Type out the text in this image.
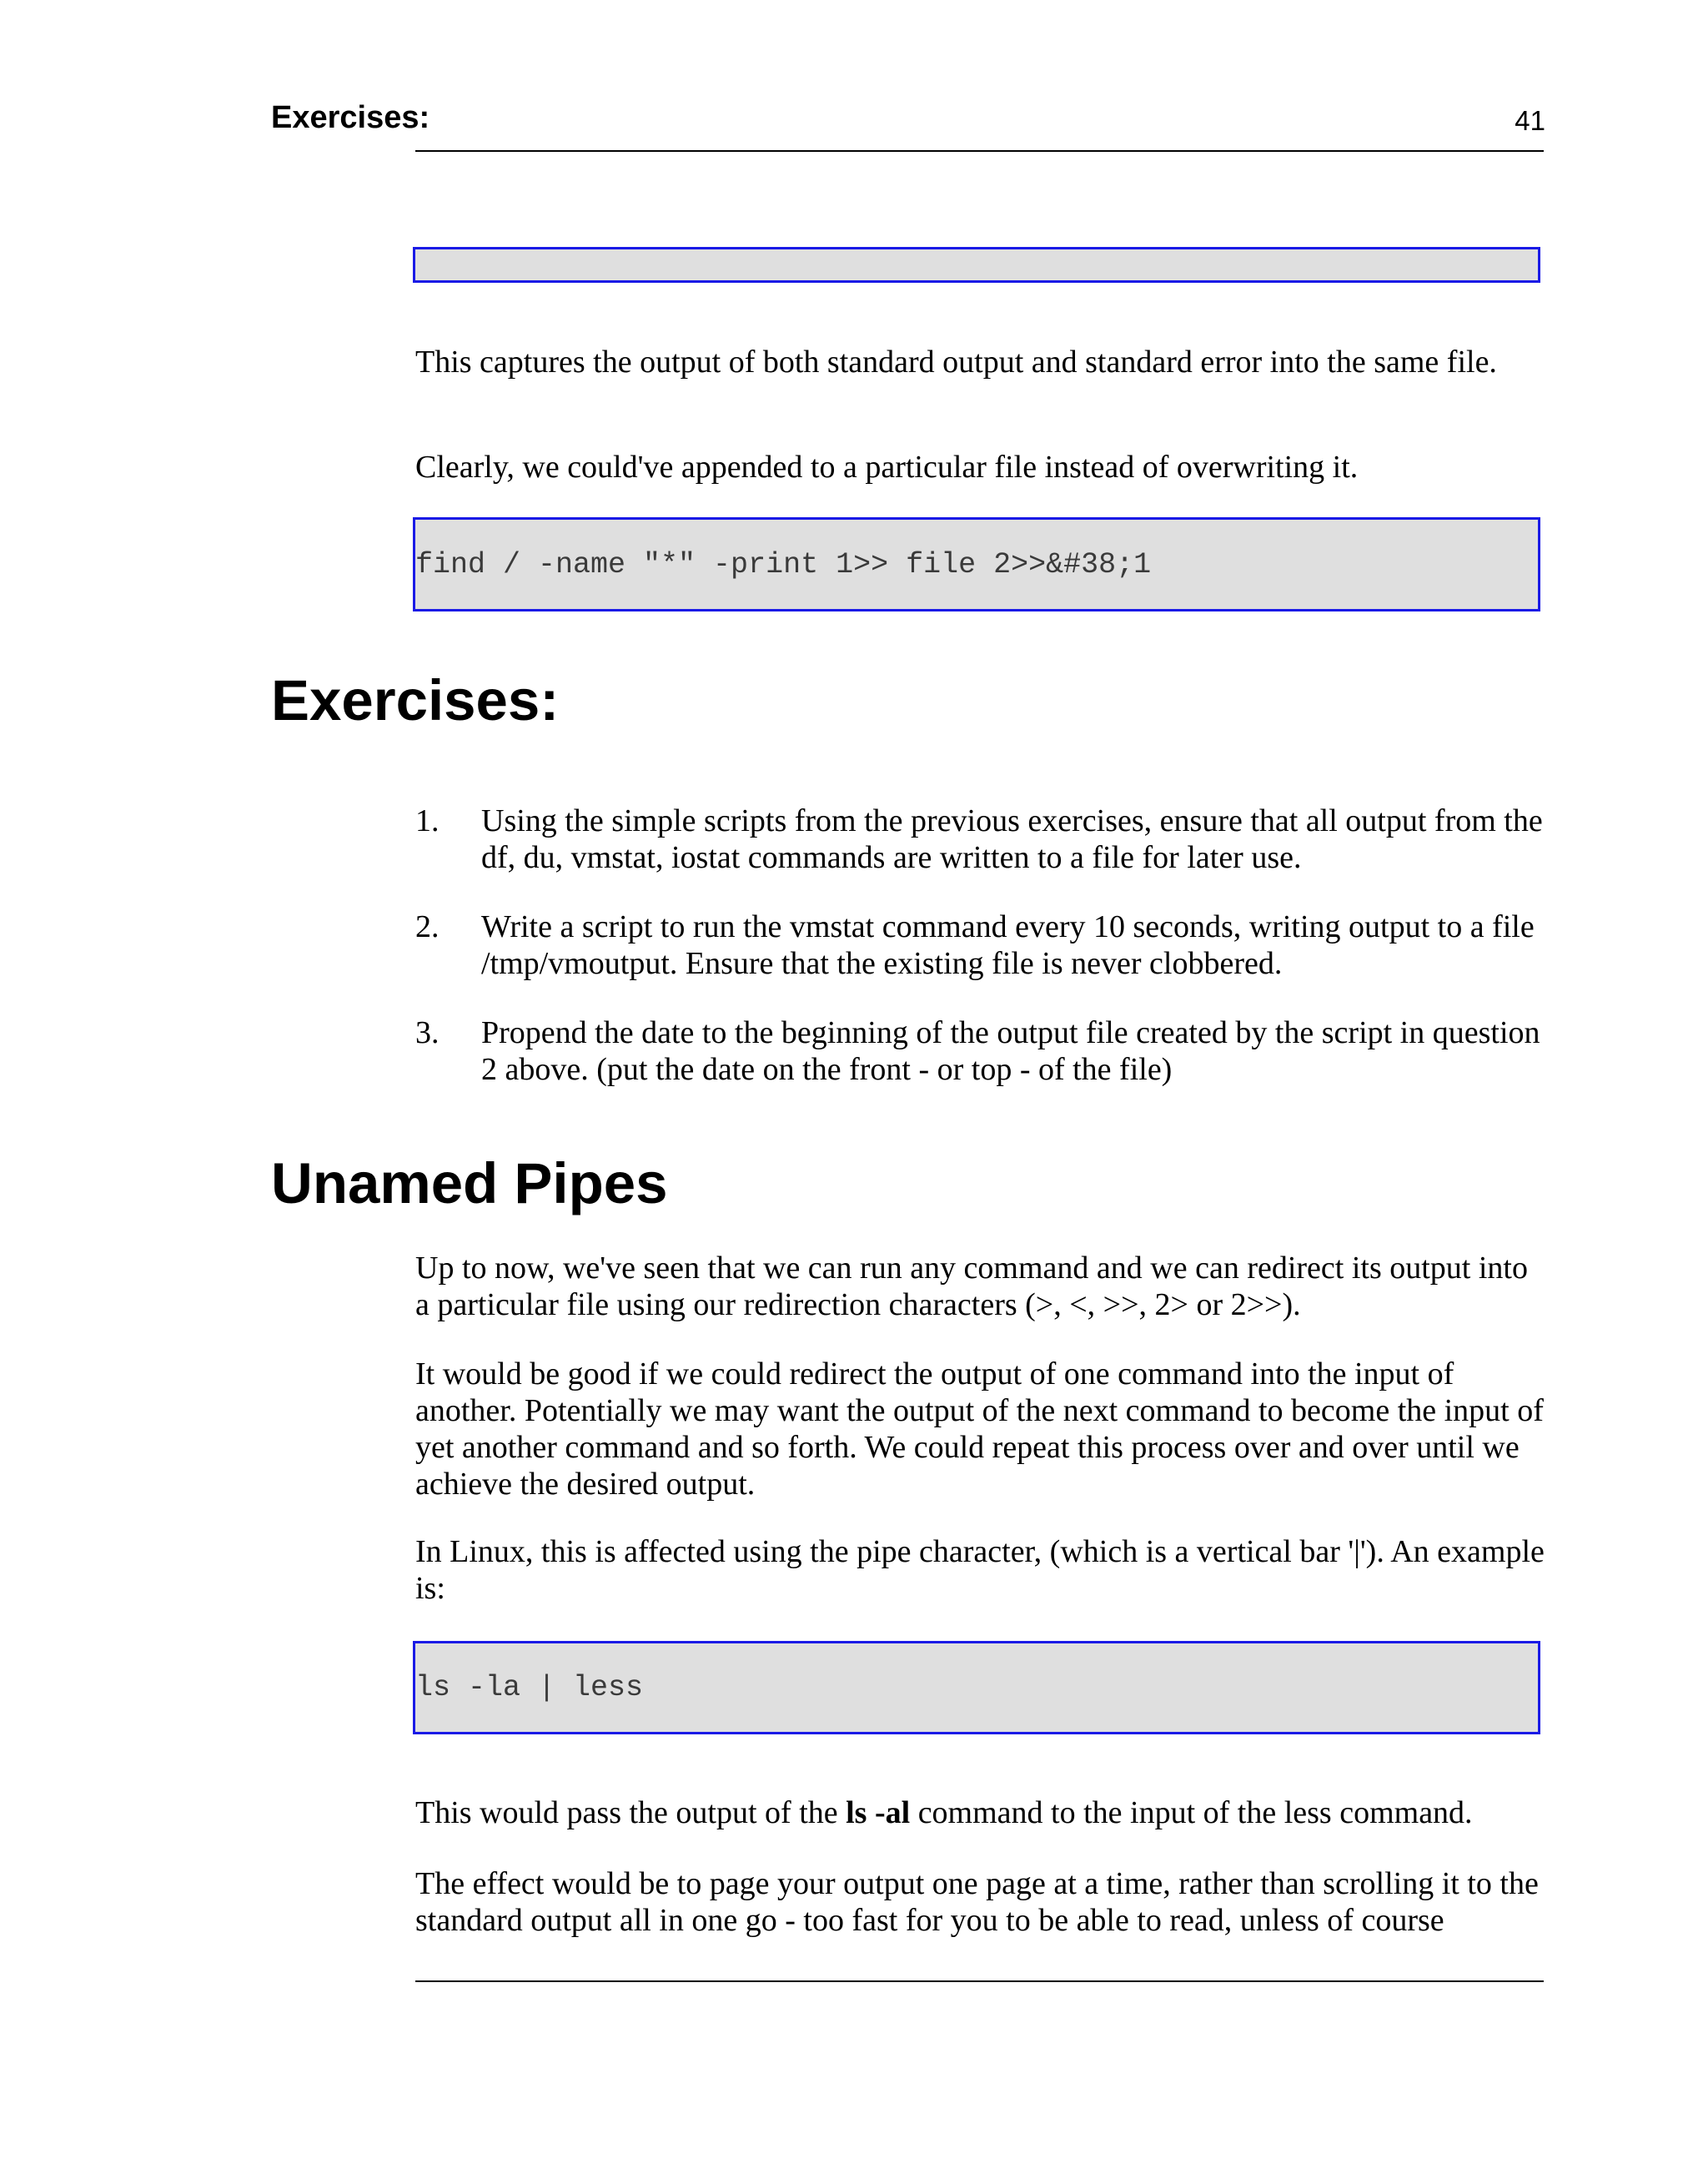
Exercises:	41

This captures the output of both standard output and standard error into the same file.

Clearly, we could've appended to a particular file instead of overwriting it.

find / -name "*" -print 1>> file 2>>&#38;1
Exercises:
1. Using the simple scripts from the previous exercises, ensure that all output from the df, du, vmstat, iostat commands are written to a file for later use.
2. Write a script to run the vmstat command every 10 seconds, writing output to a file /tmp/vmoutput. Ensure that the existing file is never clobbered.
3. Propend the date to the beginning of the output file created by the script in question 2 above. (put the date on the front - or top - of the file)
Unamed Pipes

Up to now, we've seen that we can run any command and we can redirect its output into a particular file using our redirection characters (>, <, >>, 2> or 2>>).

It would be good if we could redirect the output of one command into the input of another. Potentially we may want the output of the next command to become the input of yet another command and so forth. We could repeat this process over and over until we achieve the desired output.

In Linux, this is affected using the pipe character, (which is a vertical bar '|'). An example is:

ls -la | less

This would pass the output of the ls -al command to the input of the less command.

The effect would be to page your output one page at a time, rather than scrolling it to the standard output all in one go - too fast for you to be able to read, unless of course
